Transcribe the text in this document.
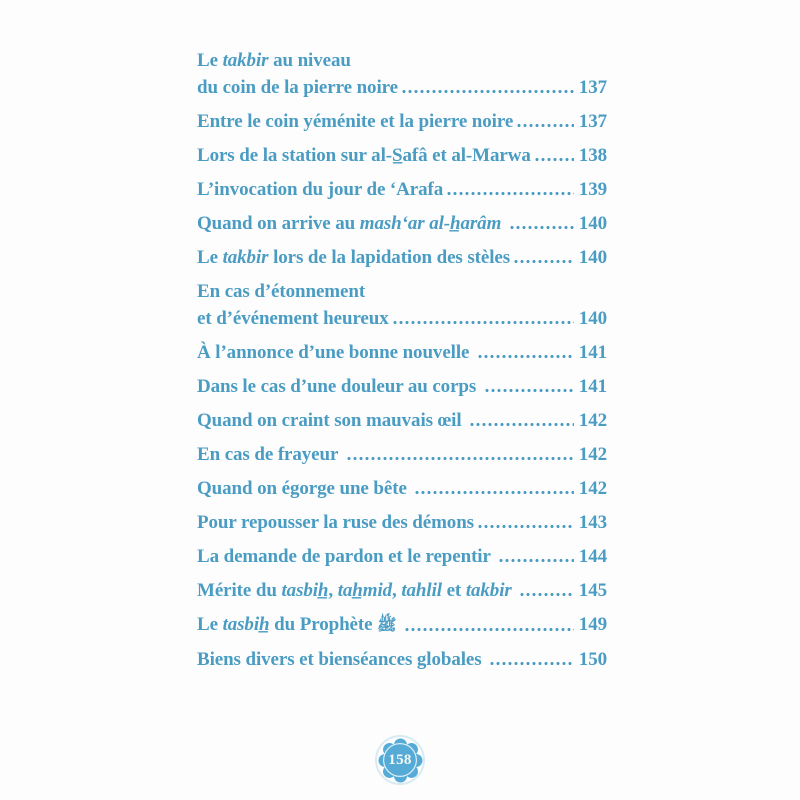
Le takbir au niveau
du coin de la pierre noire	137
Entre le coin yéménite et la pierre noire	137
Lors de la station sur al-S̲afâ et al-Marwa	138
L’invocation du jour de ‘Arafa	139
Quand on arrive au mash‘ar al-h̲arâm	140
Le takbir lors de la lapidation des stèles	140
En cas d’étonnement
et d’événement heureux	140
À l’annonce d’une bonne nouvelle	141
Dans le cas d’une douleur au corps	141
Quand on craint son mauvais œil	142
En cas de frayeur	142
Quand on égorge une bête	142
Pour repousser la ruse des démons	143
La demande de pardon et le repentir	144
Mérite du tasbih̲, tah̲mid, tahlil et takbir	145
Le tasbih̲ du Prophète ﷺ	149
Biens divers et bienséances globales	150
158
